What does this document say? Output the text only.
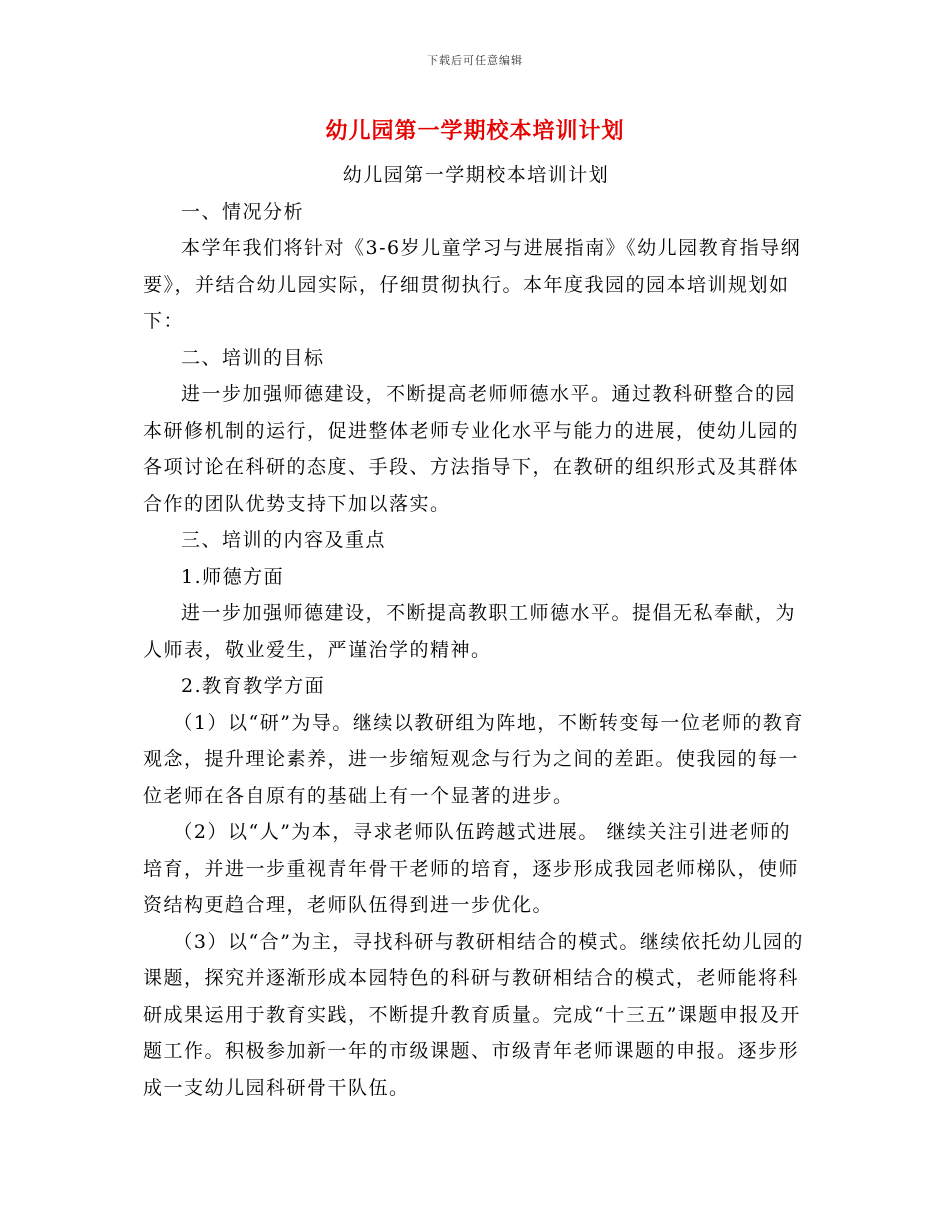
下载后可任意编辑
幼儿园第一学期校本培训计划

幼儿园第一学期校本培训计划

一、情况分析

本学年我们将针对《3-6岁儿童学习与进展指南》《幼儿园教育指导纲要》，并结合幼儿园实际，仔细贯彻执行。本年度我园的园本培训规划如下：

二、培训的目标

进一步加强师德建设，不断提高老师师德水平。通过教科研整合的园本研修机制的运行，促进整体老师专业化水平与能力的进展，使幼儿园的各项讨论在科研的态度、手段、方法指导下，在教研的组织形式及其群体合作的团队优势支持下加以落实。

三、培训的内容及重点

1.师德方面

进一步加强师德建设，不断提高教职工师德水平。提倡无私奉献，为人师表，敬业爱生，严谨治学的精神。

2.教育教学方面

（1）以“研”为导。继续以教研组为阵地，不断转变每一位老师的教育观念，提升理论素养，进一步缩短观念与行为之间的差距。使我园的每一位老师在各自原有的基础上有一个显著的进步。

（2）以“人”为本，寻求老师队伍跨越式进展。 继续关注引进老师的培育，并进一步重视青年骨干老师的培育，逐步形成我园老师梯队，使师资结构更趋合理，老师队伍得到进一步优化。

（3）以“合”为主，寻找科研与教研相结合的模式。继续依托幼儿园的课题，探究并逐渐形成本园特色的科研与教研相结合的模式，老师能将科研成果运用于教育实践，不断提升教育质量。完成“十三五”课题申报及开题工作。积极参加新一年的市级课题、市级青年老师课题的申报。逐步形成一支幼儿园科研骨干队伍。
